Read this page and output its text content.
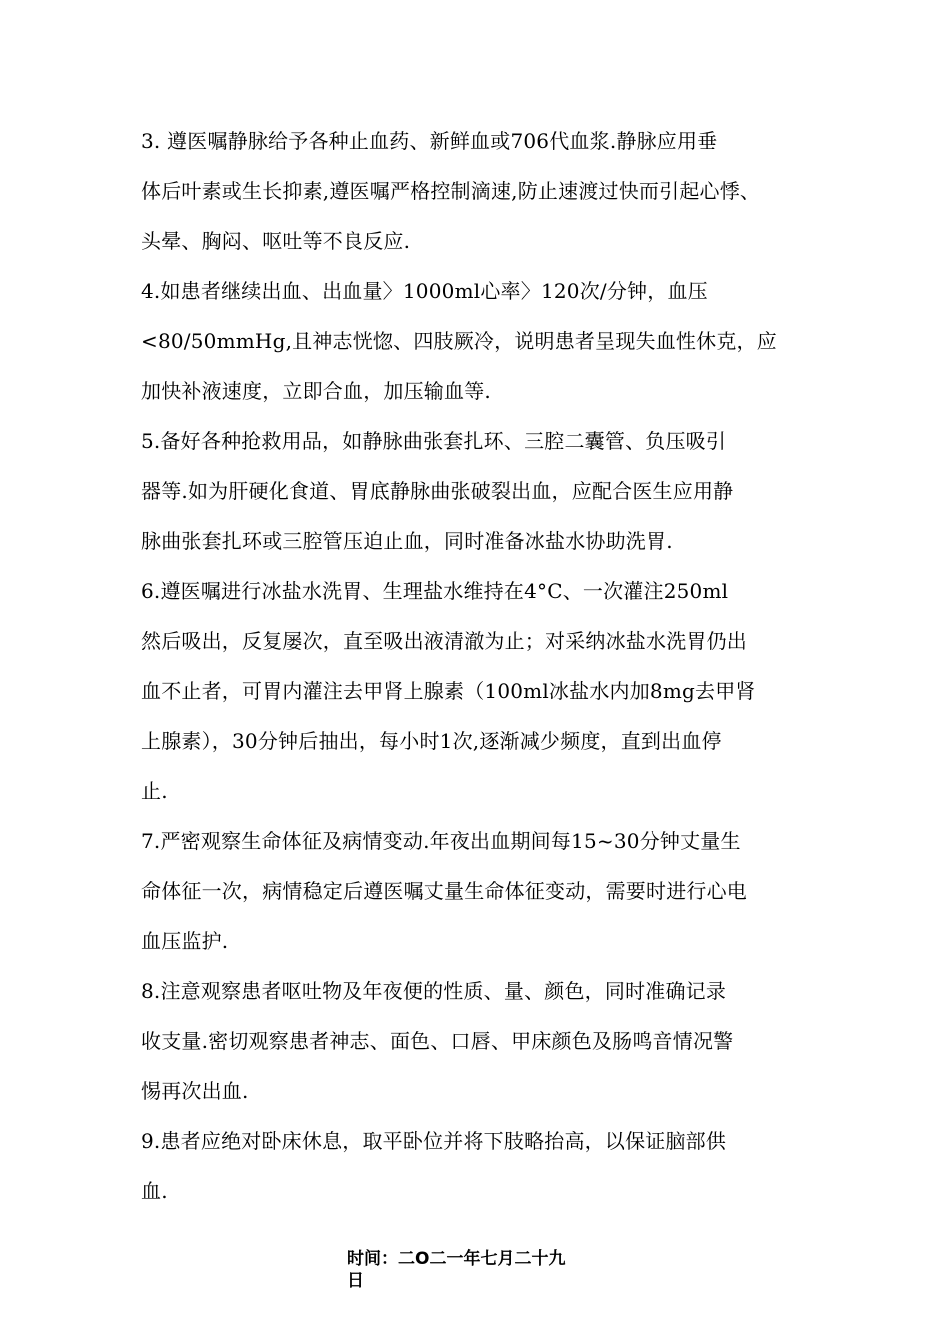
3. 遵医嘱静脉给予各种止血药、新鲜血或706代血浆.静脉应用垂
体后叶素或生长抑素,遵医嘱严格控制滴速,防止速渡过快而引起心悸、
头晕、胸闷、呕吐等不良反应.
4.如患者继续出血、出血量〉1000ml心率〉120次/分钟，血压
<80/50mmHg,且神志恍惚、四肢厥冷，说明患者呈现失血性休克，应
加快补液速度，立即合血，加压输血等.
5.备好各种抢救用品，如静脉曲张套扎环、三腔二囊管、负压吸引
器等.如为肝硬化食道、胃底静脉曲张破裂出血，应配合医生应用静
脉曲张套扎环或三腔管压迫止血，同时准备冰盐水协助洗胃.
6.遵医嘱进行冰盐水洗胃、生理盐水维持在4°C、一次灌注250ml
然后吸出，反复屡次，直至吸出液清澈为止；对采纳冰盐水洗胃仍出
血不止者，可胃内灌注去甲肾上腺素（100ml冰盐水内加8mg去甲肾
上腺素），30分钟后抽出，每小时1次,逐渐减少频度，直到出血停
止.
7.严密观察生命体征及病情变动.年夜出血期间每15~30分钟丈量生
命体征一次，病情稳定后遵医嘱丈量生命体征变动，需要时进行心电
血压监护.
8.注意观察患者呕吐物及年夜便的性质、量、颜色，同时准确记录
收支量.密切观察患者神志、面色、口唇、甲床颜色及肠鸣音情况警
惕再次出血.
9.患者应绝对卧床休息，取平卧位并将下肢略抬高，以保证脑部供
血.
时间：二O二一年七月二十九
日
